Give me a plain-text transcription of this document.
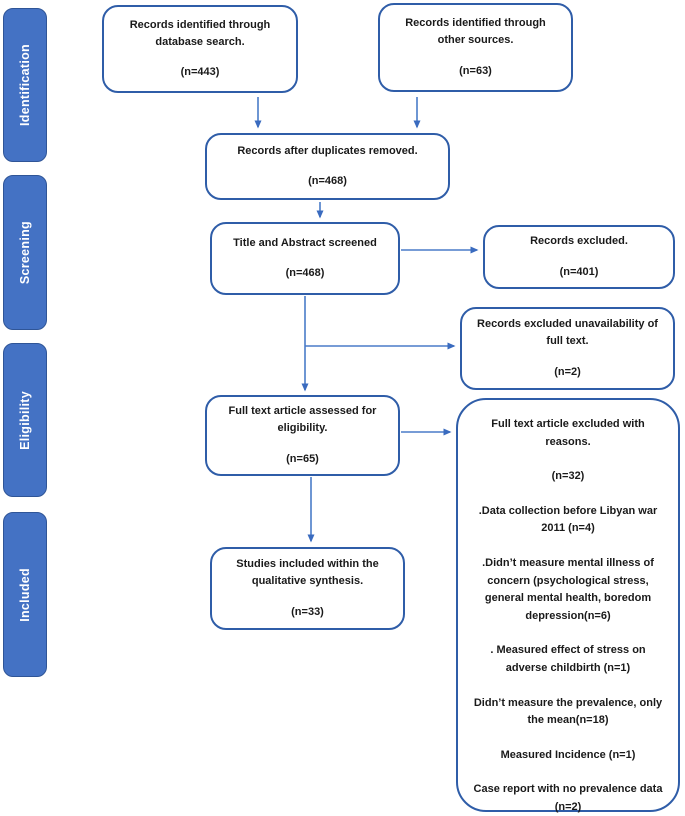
Identification
Screening
Eligibility
Included

Records identified through database search.

(n=443)

Records identified through other sources.

(n=63)

Records after duplicates removed.

(n=468)

Title and Abstract screened

(n=468)

Records excluded.

(n=401)

Records excluded unavailability of full text.

(n=2)

Full text article assessed for eligibility.

(n=65)

Studies included within the qualitative synthesis.

(n=33)

Full text article excluded with reasons.

(n=32)

.Data collection before Libyan war 2011 (n=4)

.Didn’t measure mental illness of concern (psychological stress, general mental health, boredom depression(n=6)

. Measured effect of stress on adverse childbirth (n=1)

Didn’t measure the prevalence, only the mean(n=18)

Measured Incidence (n=1)

Case report with no prevalence data (n=2)
